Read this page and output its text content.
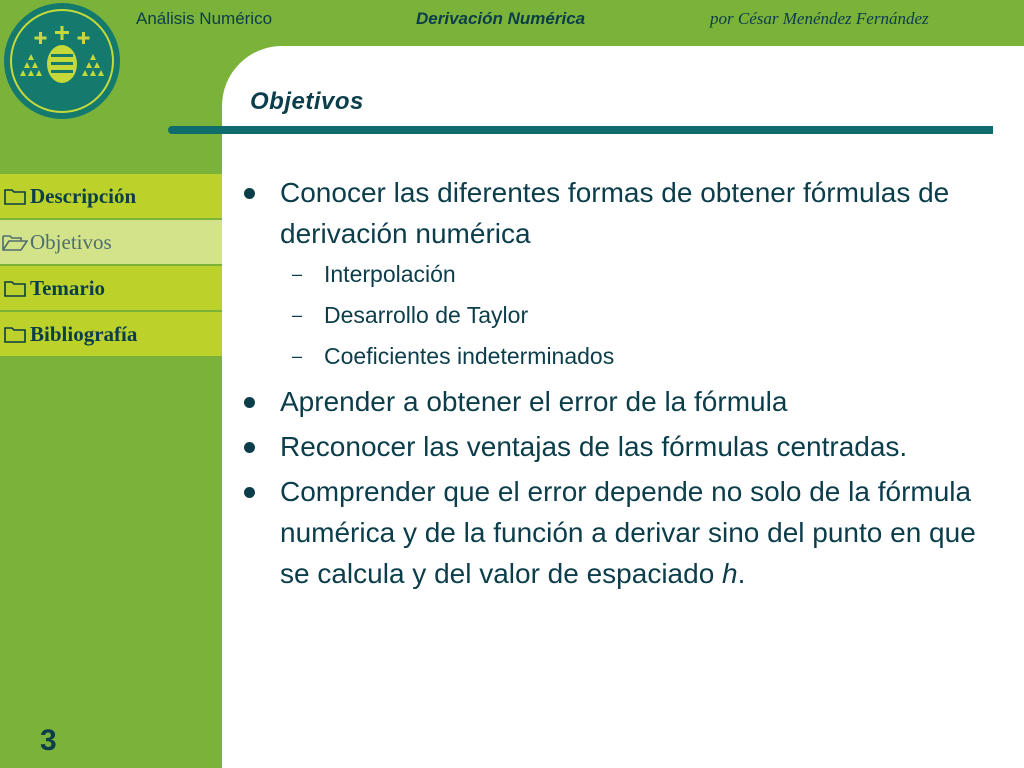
Análisis Numérico	Derivación Numérica	por César Menéndez Fernández
Objetivos
Descripción
Objetivos
Temario
Bibliografía
3
Conocer las diferentes formas de obtener fórmulas de derivación numérica
– Interpolación
– Desarrollo de Taylor
– Coeficientes indeterminados
Aprender a obtener el error de la fórmula
Reconocer las ventajas de las fórmulas centradas.
Comprender que el error depende no solo de la fórmula numérica y de la función a derivar sino del punto en que se calcula y del valor de espaciado h.
